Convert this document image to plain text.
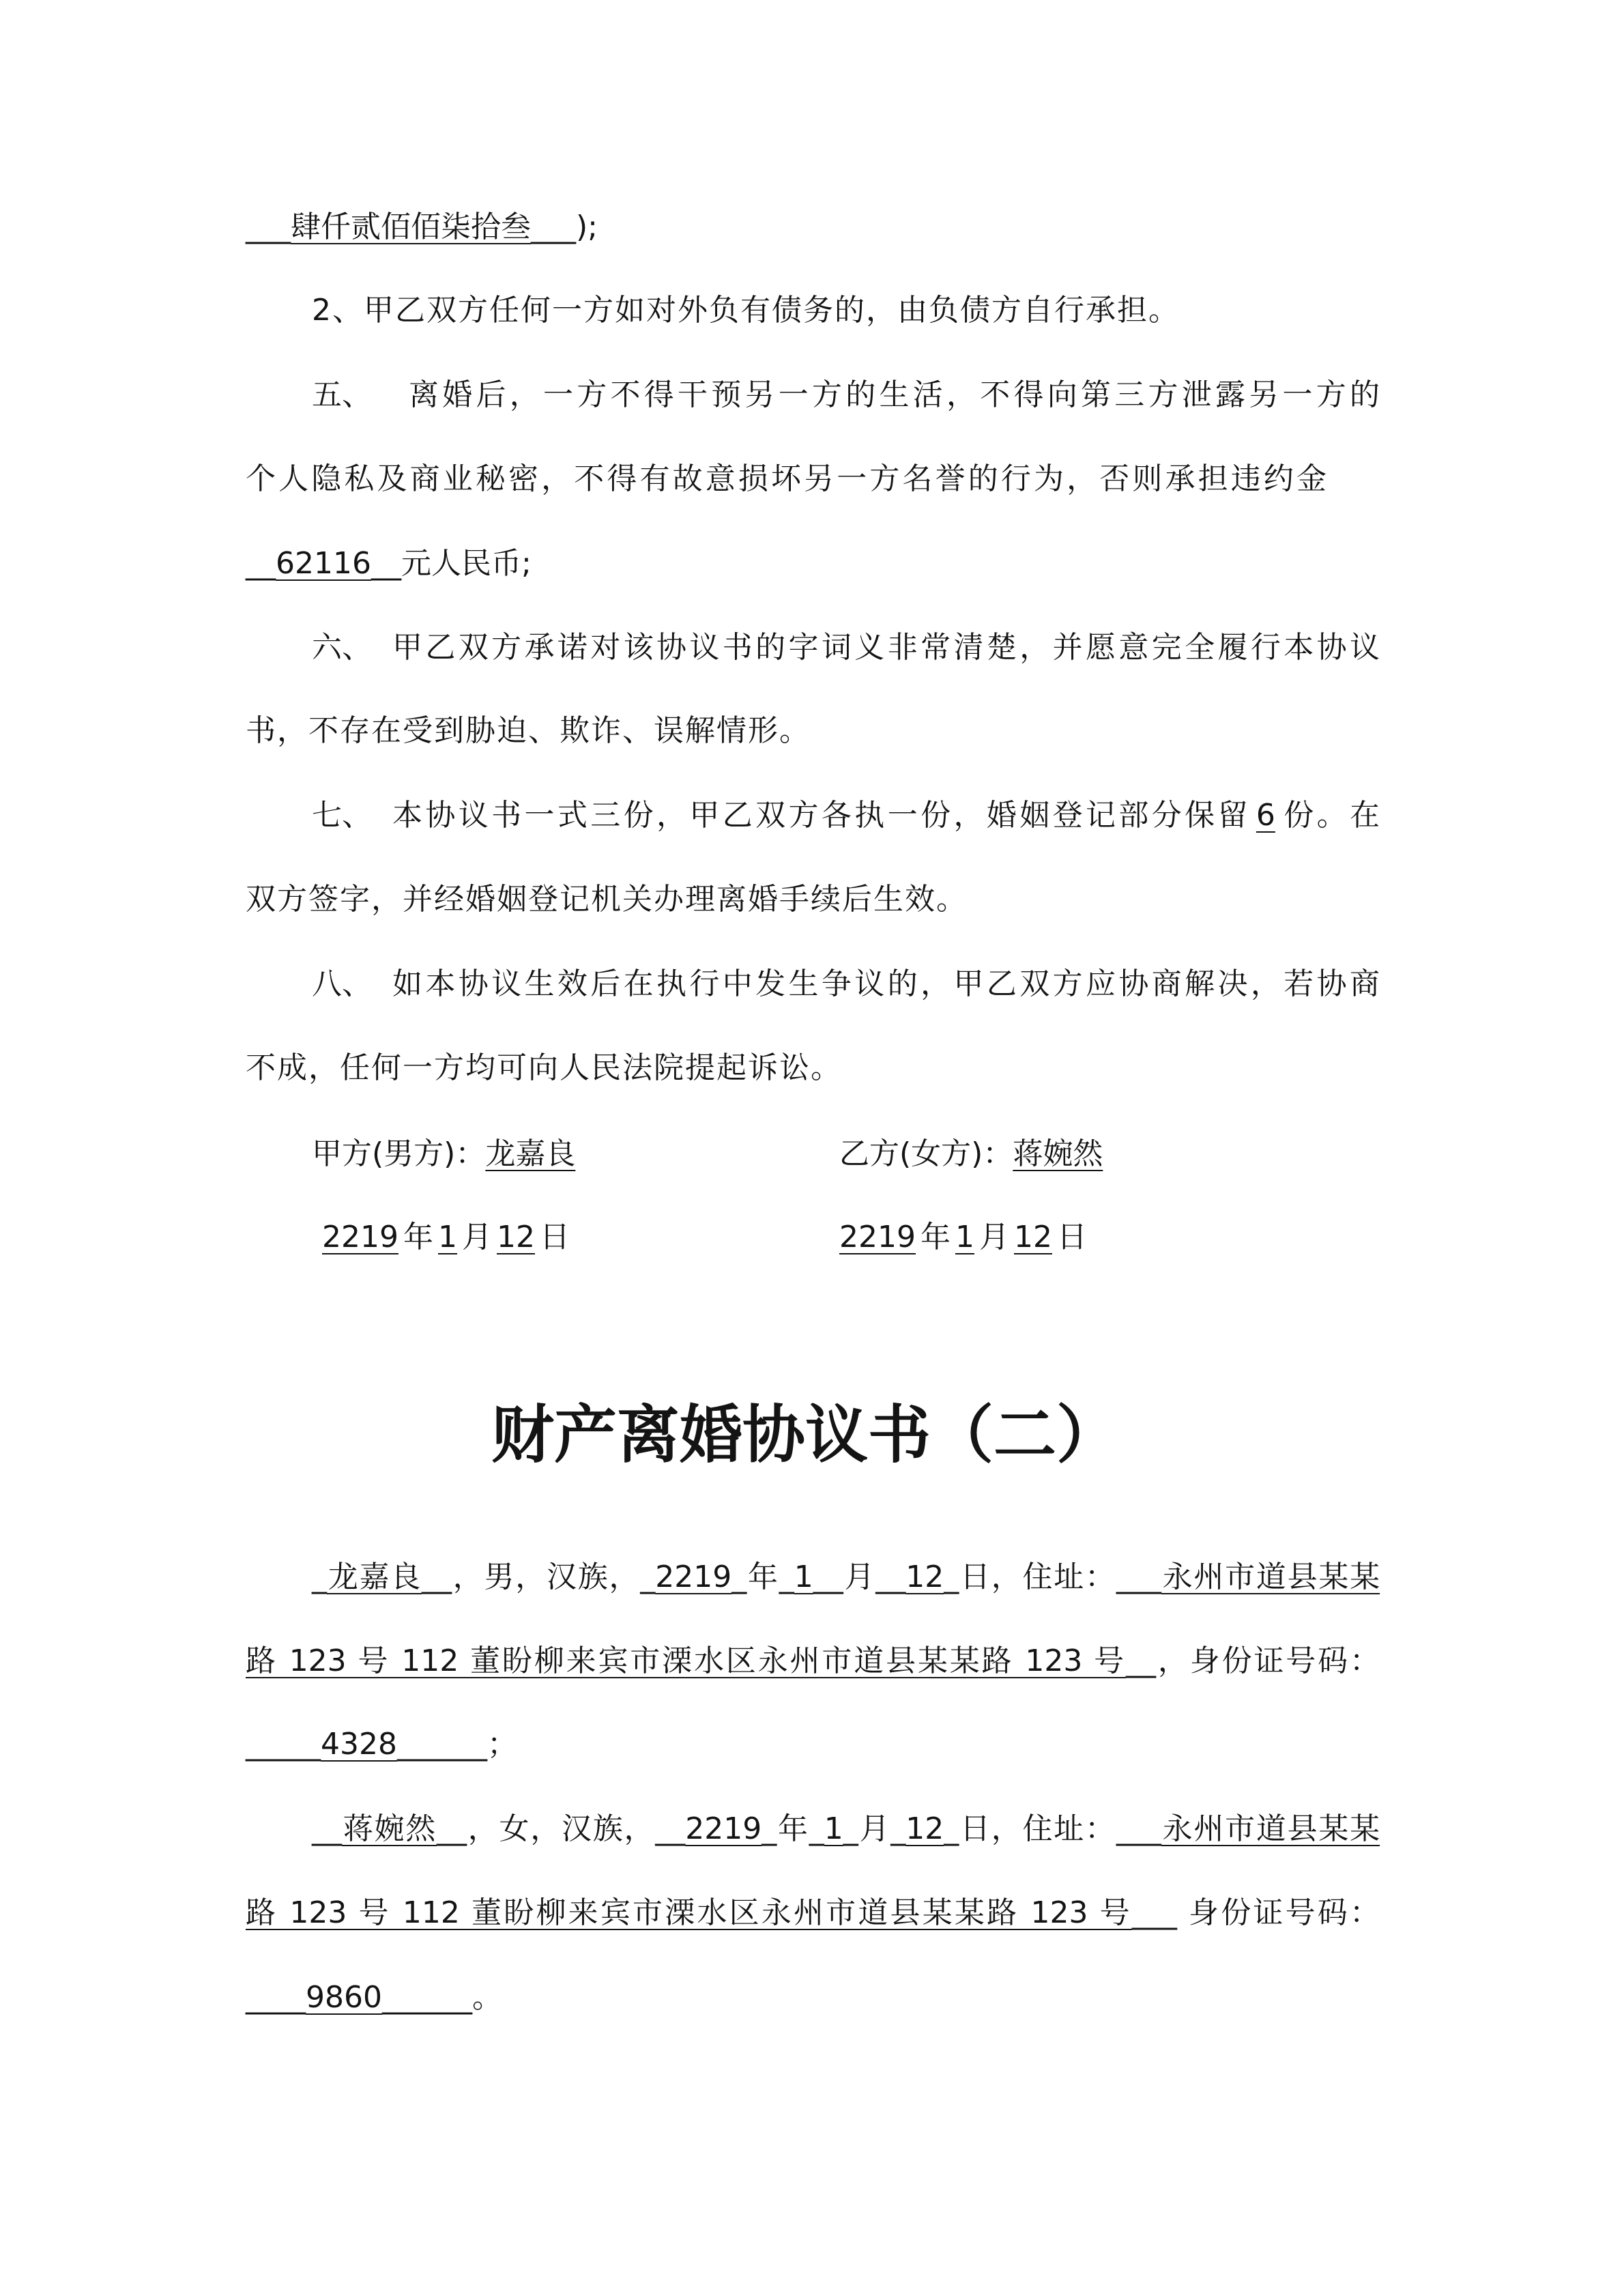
___肆仟贰佰佰柒拾叁___);
2、甲乙双方任何一方如对外负有债务的，由负债方自行承担。
五、 离婚后，一方不得干预另一方的生活，不得向第三方泄露另一方的
个人隐私及商业秘密，不得有故意损坏另一方名誉的行为，否则承担违约金
__62116__元人民币;
六、 甲乙双方承诺对该协议书的字词义非常清楚，并愿意完全履行本协议
书，不存在受到胁迫、欺诈、误解情形。
七、 本协议书一式三份，甲乙双方各执一份，婚姻登记部分保留 6 份。在
双方签字，并经婚姻登记机关办理离婚手续后生效。
八、 如本协议生效后在执行中发生争议的，甲乙双方应协商解决，若协商
不成，任何一方均可向人民法院提起诉讼。
甲方(男方)：龙嘉良	乙方(女方)：蒋婉然
2219 年 1 月 12 日	2219 年 1 月 12 日
财产离婚协议书（二）
_龙嘉良__，男，汉族，_2219_年_1__月__12_日，住址：___永州市道县某某
路 123 号 112 董盼柳来宾市溧水区永州市道县某某路 123 号__，身份证号码：
_____4328______；
__蒋婉然__，女，汉族，__2219_年_1_月_12_日，住址：___永州市道县某某
路 123 号 112 董盼柳来宾市溧水区永州市道县某某路 123 号___ 身份证号码：
____9860______。
